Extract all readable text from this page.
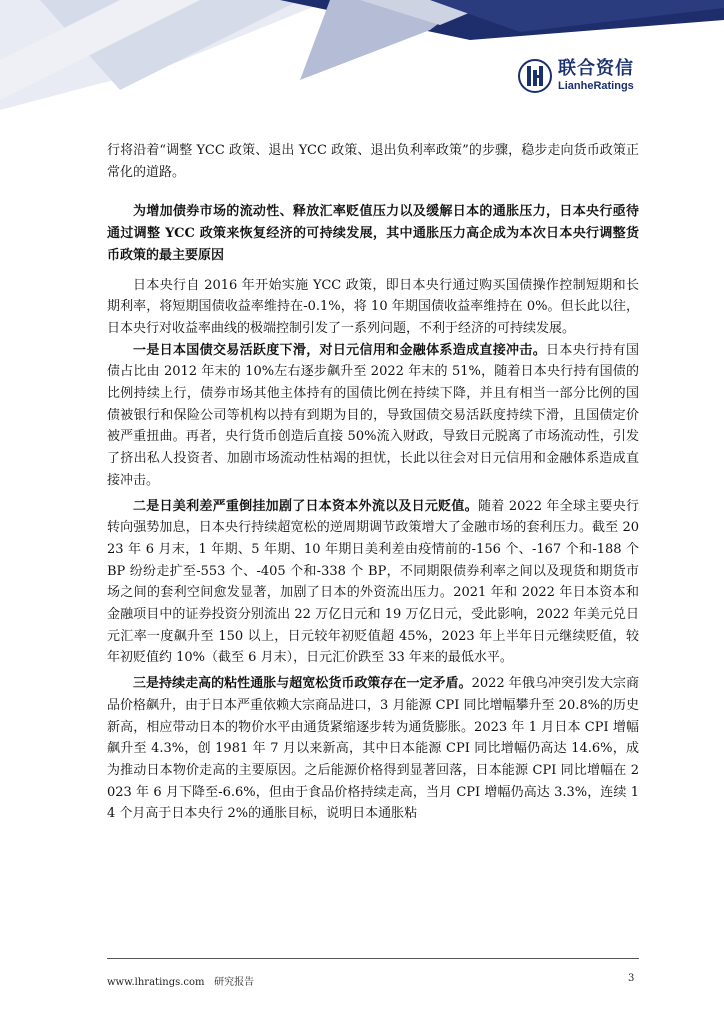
联合资信
LianheRatings

行将沿着“调整 YCC 政策、退出 YCC 政策、退出负利率政策”的步骤，稳步走向货币政策正常化的道路。

为增加债券市场的流动性、释放汇率贬值压力以及缓解日本的通胀压力，日本央行亟待通过调整 YCC 政策来恢复经济的可持续发展，其中通胀压力高企成为本次日本央行调整货币政策的最主要原因

日本央行自 2016 年开始实施 YCC 政策，即日本央行通过购买国债操作控制短期和长期利率，将短期国债收益率维持在-0.1%，将 10 年期国债收益率维持在 0%。但长此以往，日本央行对收益率曲线的极端控制引发了一系列问题，不利于经济的可持续发展。

一是日本国债交易活跃度下滑，对日元信用和金融体系造成直接冲击。日本央行持有国债占比由 2012 年末的 10%左右逐步飙升至 2022 年末的 51%，随着日本央行持有国债的比例持续上行，债券市场其他主体持有的国债比例在持续下降，并且有相当一部分比例的国债被银行和保险公司等机构以持有到期为目的，导致国债交易活跃度持续下滑，且国债定价被严重扭曲。再者，央行货币创造后直接 50%流入财政，导致日元脱离了市场流动性，引发了挤出私人投资者、加剧市场流动性枯竭的担忧，长此以往会对日元信用和金融体系造成直接冲击。

二是日美利差严重倒挂加剧了日本资本外流以及日元贬值。随着 2022 年全球主要央行转向强势加息，日本央行持续超宽松的逆周期调节政策增大了金融市场的套利压力。截至 2023 年 6 月末，1 年期、5 年期、10 年期日美利差由疫情前的-156 个、-167 个和-188 个 BP 纷纷走扩至-553 个、-405 个和-338 个 BP，不同期限债券利率之间以及现货和期货市场之间的套利空间愈发显著，加剧了日本的外资流出压力。2021 年和 2022 年日本资本和金融项目中的证券投资分别流出 22 万亿日元和 19 万亿日元，受此影响，2022 年美元兑日元汇率一度飙升至 150 以上，日元较年初贬值超 45%，2023 年上半年日元继续贬值，较年初贬值约 10%（截至 6 月末），日元汇价跌至 33 年来的最低水平。

三是持续走高的粘性通胀与超宽松货币政策存在一定矛盾。2022 年俄乌冲突引发大宗商品价格飙升，由于日本严重依赖大宗商品进口，3 月能源 CPI 同比增幅攀升至 20.8%的历史新高，相应带动日本的物价水平由通货紧缩逐步转为通货膨胀。2023 年 1 月日本 CPI 增幅飙升至 4.3%，创 1981 年 7 月以来新高，其中日本能源 CPI 同比增幅仍高达 14.6%，成为推动日本物价走高的主要原因。之后能源价格得到显著回落，日本能源 CPI 同比增幅在 2023 年 6 月下降至-6.6%，但由于食品价格持续走高，当月 CPI 增幅仍高达 3.3%，连续 14 个月高于日本央行 2%的通胀目标，说明日本通胀粘

www.lhratings.com 研究报告	3
